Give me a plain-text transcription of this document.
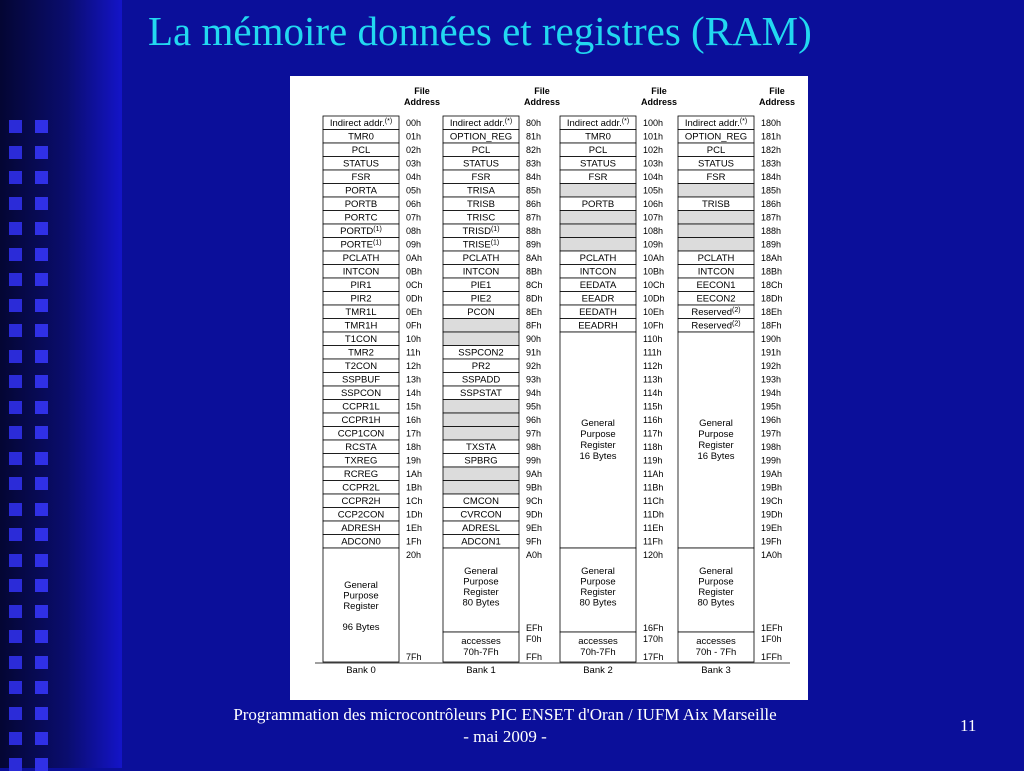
La mémoire données et registres (RAM)
File
Address
Indirect addr.(*)
TMR0
PCL
STATUS
FSR
PORTA
PORTB
PORTC
PORTD$^{(1)}$
PORTE$^{(1)}$
PCLATH
INTCON
PIR1
PIR2
TMR1L
TMR1H
T1CON
TMR2
T2CON
SSPBUF
SSPCON
CCPR1L
CCPR1H
CCP1CON
RCSTA
TXREG
RCREG
CCPR2L
CCPR2H
CCP2CON
ADRESH
ADCON0
00h
01h
02h
03h
04h
05h
06h
07h
08h
09h
0Ah
0Bh
0Ch
0Dh
0Eh
0Fh
10h
11h
12h
13h
14h
15h
16h
17h
18h
19h
1Ah
1Bh
1Ch
1Dh
1Eh
1Fh
20h
General
Purpose
Register
96 Bytes
7Fh
Bank 0
File
Address
Indirect addr.(*)
OPTION_REG
PCL
STATUS
FSR
TRISA
TRISB
TRISC
TRISD$^{(1)}$
TRISE$^{(1)}$
PCLATH
INTCON
PIE1
PIE2
PCON
SSPCON2
PR2
SSPADD
SSPSTAT
TXSTA
SPBRG
CMCON
CVRCON
ADRESL
ADCON1
80h
81h
82h
83h
84h
85h
86h
87h
88h
89h
8Ah
8Bh
8Ch
8Dh
8Eh
8Fh
90h
91h
92h
93h
94h
95h
96h
97h
98h
99h
9Ah
9Bh
9Ch
9Dh
9Eh
9Fh
A0h
General
Purpose
Register
80 Bytes
accesses
70h-7Fh
EFh
F0h
FFh
Bank 1
File
Address
Indirect addr.(*)
TMR0
PCL
STATUS
FSR
PORTB
PCLATH
INTCON
EEDATA
EEADR
EEDATH
EEADRH
100h
101h
102h
103h
104h
105h
106h
107h
108h
109h
10Ah
10Bh
10Ch
10Dh
10Eh
10Fh
110h
111h
112h
113h
114h
115h
116h
117h
118h
119h
11Ah
11Bh
11Ch
11Dh
11Eh
11Fh
General
Purpose
Register
16 Bytes
120h
General
Purpose
Register
80 Bytes
accesses
70h-7Fh
16Fh
170h
17Fh
Bank 2
File
Address
Indirect addr.(*)
OPTION_REG
PCL
STATUS
FSR
TRISB
PCLATH
INTCON
EECON1
EECON2
Reserved$^{(2)}$
Reserved$^{(2)}$
180h
181h
182h
183h
184h
185h
186h
187h
188h
189h
18Ah
18Bh
18Ch
18Dh
18Eh
18Fh
190h
191h
192h
193h
194h
195h
196h
197h
198h
199h
19Ah
19Bh
19Ch
19Dh
19Eh
19Fh
General
Purpose
Register
16 Bytes
1A0h
General
Purpose
Register
80 Bytes
accesses
70h - 7Fh
1EFh
1F0h
1FFh
Bank 3
Programmation des microcontrôleurs PIC ENSET d'Oran / IUFM Aix Marseille
- mai 2009 -
11
